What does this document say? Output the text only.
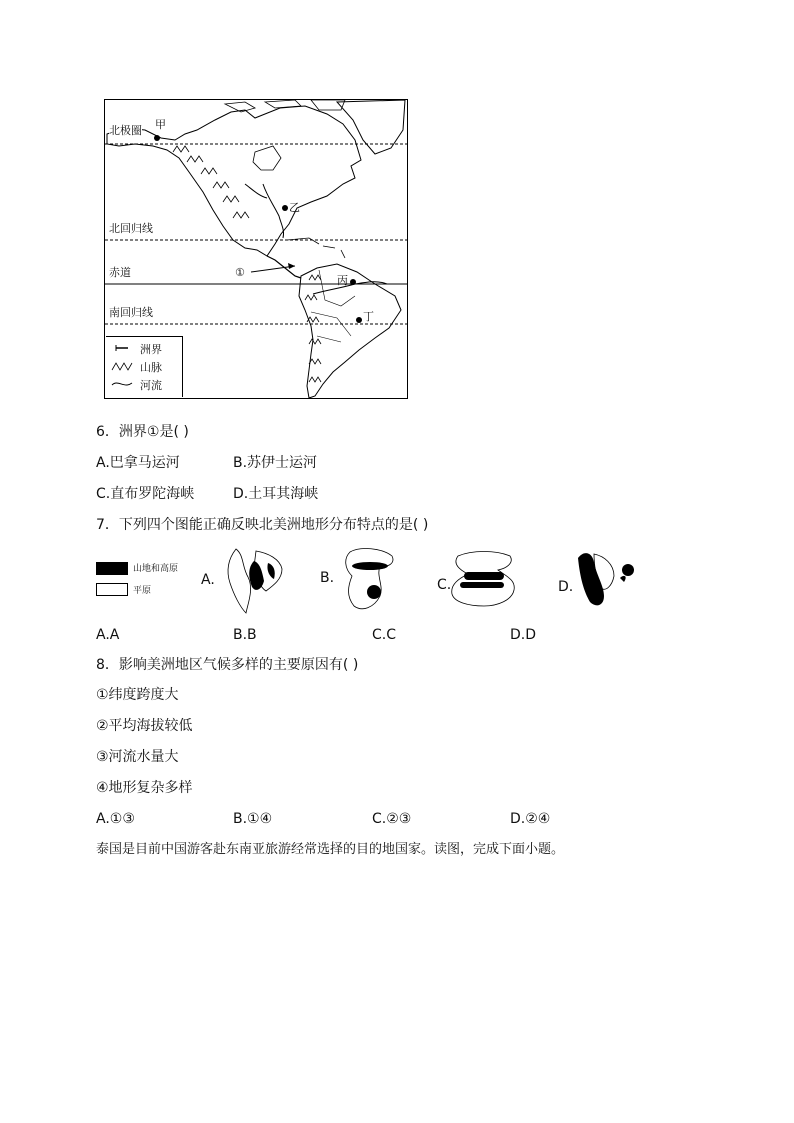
北极圈
北回归线
赤道
南回归线
甲
乙
丙
丁
①
洲界
山脉
河流
6．洲界①是( )
A.巴拿马运河	B.苏伊士运河
C.直布罗陀海峡	D.土耳其海峡
7．下列四个图能正确反映北美洲地形分布特点的是( )
山地和高原
平原
A.	B.	C.	D.
A.A	B.B	C.C	D.D
8．影响美洲地区气候多样的主要原因有( )
①纬度跨度大
②平均海拔较低
③河流水量大
④地形复杂多样
A.①③	B.①④	C.②③	D.②④
泰国是目前中国游客赴东南亚旅游经常选择的目的地国家。读图，完成下面小题。
